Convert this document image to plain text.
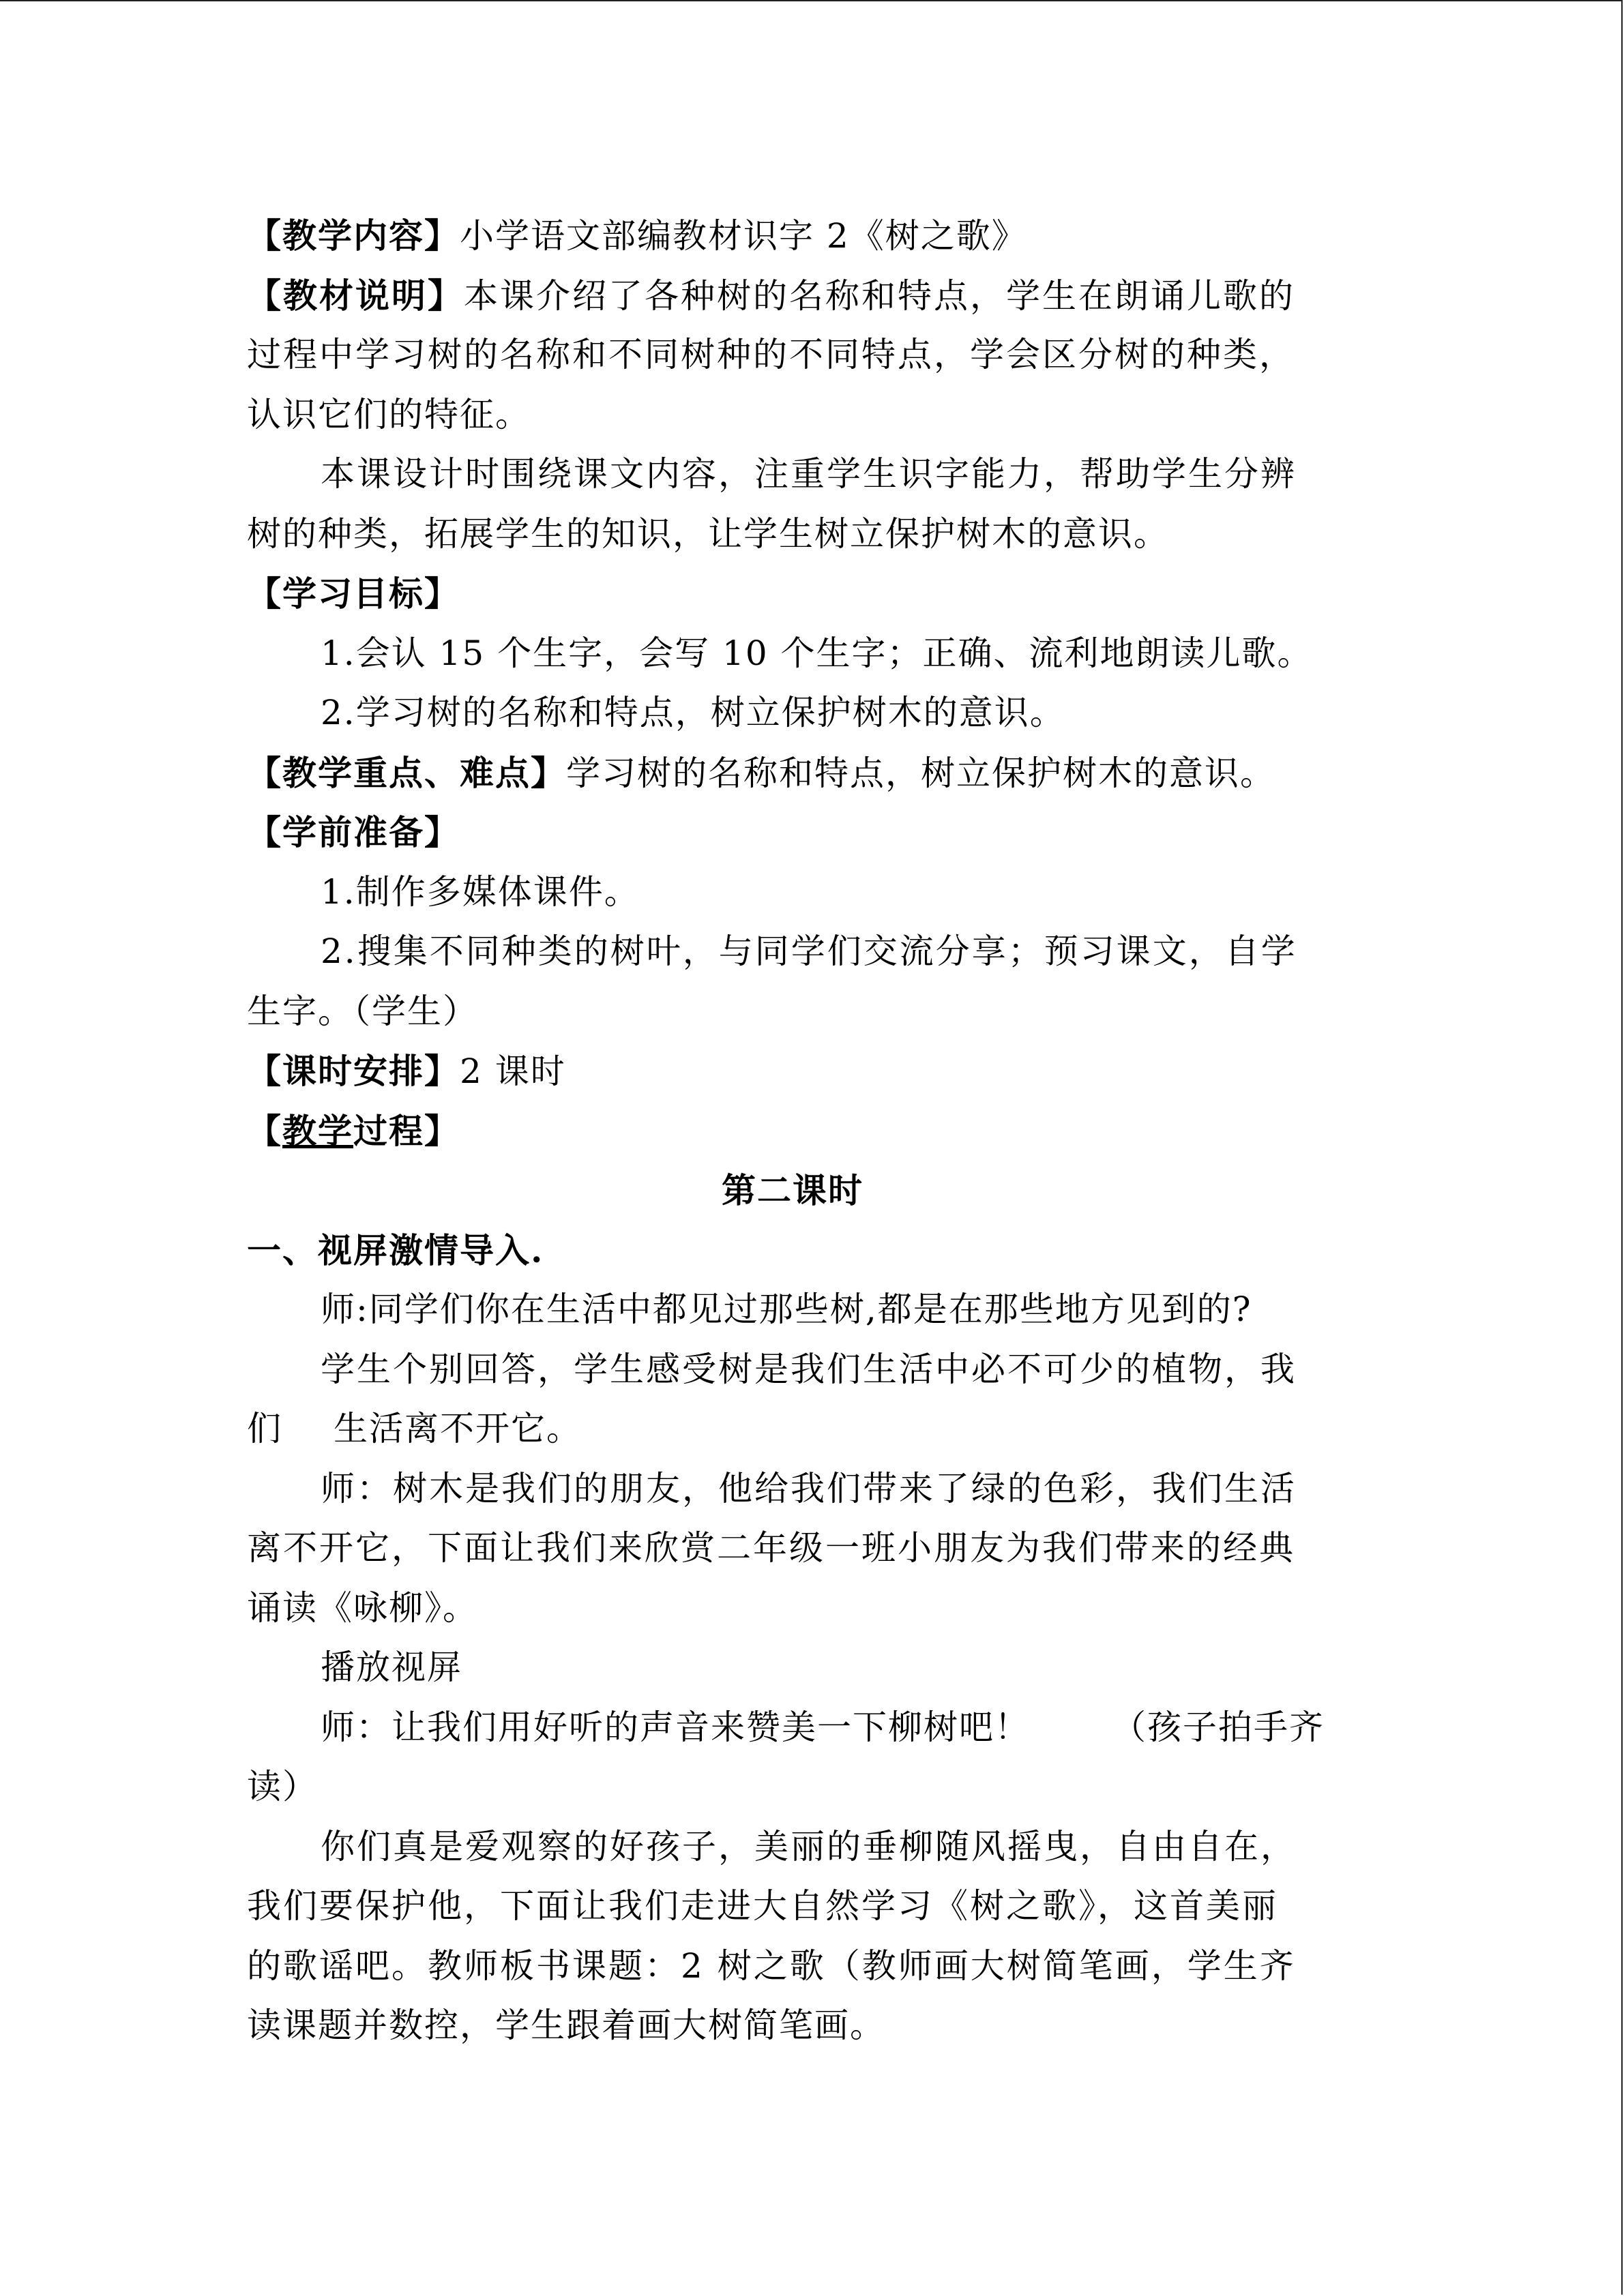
【教学内容】小学语文部编教材识字 2《树之歌》
【教材说明】本课介绍了各种树的名称和特点，学生在朗诵儿歌的
过程中学习树的名称和不同树种的不同特点，学会区分树的种类，
认识它们的特征。
本课设计时围绕课文内容，注重学生识字能力，帮助学生分辨
树的种类，拓展学生的知识，让学生树立保护树木的意识。
【学习目标】
1.会认 15 个生字，会写 10 个生字；正确、流利地朗读儿歌。
2.学习树的名称和特点，树立保护树木的意识。
【教学重点、难点】学习树的名称和特点，树立保护树木的意识。
【学前准备】
1.制作多媒体课件。
2.搜集不同种类的树叶，与同学们交流分享；预习课文，自学
生字。（学生）
【课时安排】2 课时
【教学过程】
第二课时
一、视屏激情导入.
师:同学们你在生活中都见过那些树,都是在那些地方见到的?
学生个别回答，学生感受树是我们生活中必不可少的植物，我
们 生活离不开它。
师：树木是我们的朋友，他给我们带来了绿的色彩，我们生活
离不开它，下面让我们来欣赏二年级一班小朋友为我们带来的经典
诵读《咏柳》。
播放视屏
师：让我们用好听的声音来赞美一下柳树吧！ （孩子拍手齐
读）
你们真是爱观察的好孩子，美丽的垂柳随风摇曳，自由自在，
我们要保护他，下面让我们走进大自然学习《树之歌》，这首美丽
的歌谣吧。教师板书课题：2 树之歌（教师画大树简笔画，学生齐
读课题并数控，学生跟着画大树简笔画。
